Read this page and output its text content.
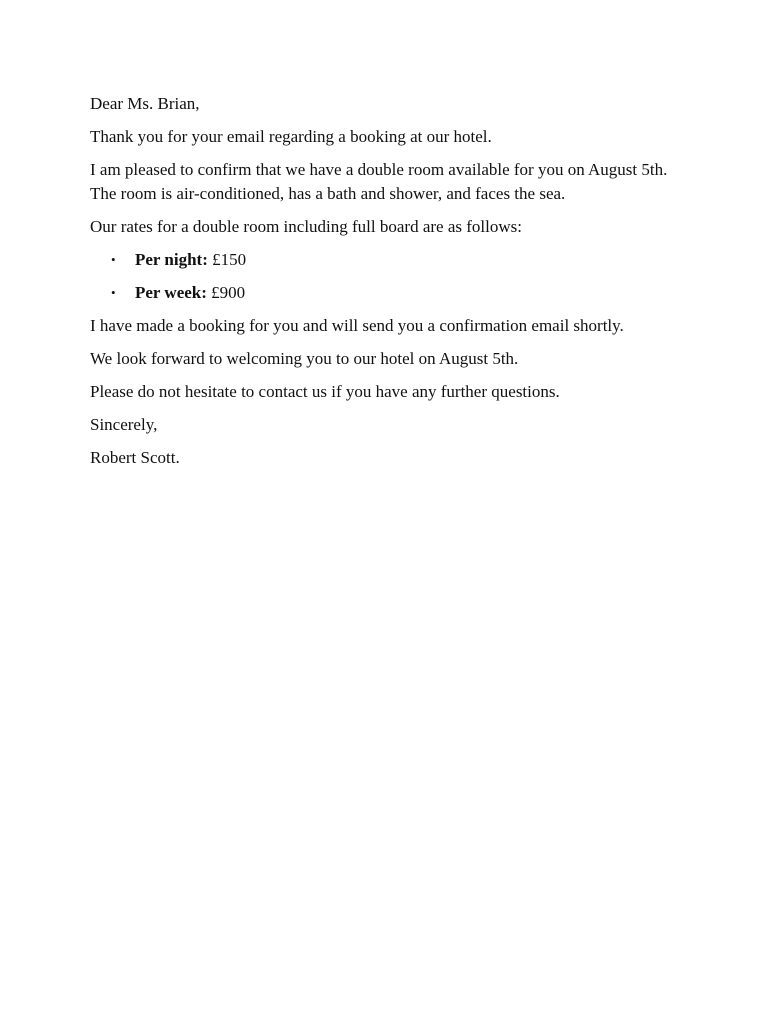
Dear Ms. Brian,

Thank you for your email regarding a booking at our hotel.

I am pleased to confirm that we have a double room available for you on August 5th. The room is air-conditioned, has a bath and shower, and faces the sea.

Our rates for a double room including full board are as follows:

• Per night: £150
• Per week: £900

I have made a booking for you and will send you a confirmation email shortly.

We look forward to welcoming you to our hotel on August 5th.

Please do not hesitate to contact us if you have any further questions.

Sincerely,

Robert Scott.
